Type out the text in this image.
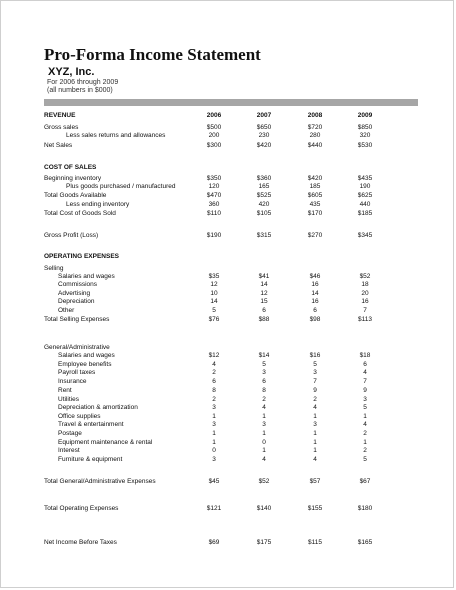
Pro-Forma Income Statement
XYZ, Inc.
For 2006 through 2009
(all numbers in $000)
REVENUE	2006	2007	2008	2009
Gross sales	$500	$650	$720	$850
Less sales returns and allowances	200	230	280	320
Net Sales	$300	$420	$440	$530
COST OF SALES
Beginning inventory	$350	$360	$420	$435
Plus goods purchased / manufactured	120	165	185	190
Total Goods Available	$470	$525	$605	$625
Less ending inventory	360	420	435	440
Total Cost of Goods Sold	$110	$105	$170	$185
Gross Profit (Loss)	$190	$315	$270	$345
OPERATING EXPENSES
Selling
Salaries and wages	$35	$41	$46	$52
Commissions	12	14	16	18
Advertising	10	12	14	20
Depreciation	14	15	16	16
Other	5	6	6	7
Total Selling Expenses	$76	$88	$98	$113
General/Administrative
Salaries and wages	$12	$14	$16	$18
Employee benefits	4	5	5	6
Payroll taxes	2	3	3	4
Insurance	6	6	7	7
Rent	8	8	9	9
Utilities	2	2	2	3
Depreciation & amortization	3	4	4	5
Office supplies	1	1	1	1
Travel & entertainment	3	3	3	4
Postage	1	1	1	2
Equipment maintenance & rental	1	0	1	1
Interest	0	1	1	2
Furniture & equipment	3	4	4	5
Total General/Administrative Expenses	$45	$52	$57	$67
Total Operating Expenses	$121	$140	$155	$180
Net Income Before Taxes	$69	$175	$115	$165
